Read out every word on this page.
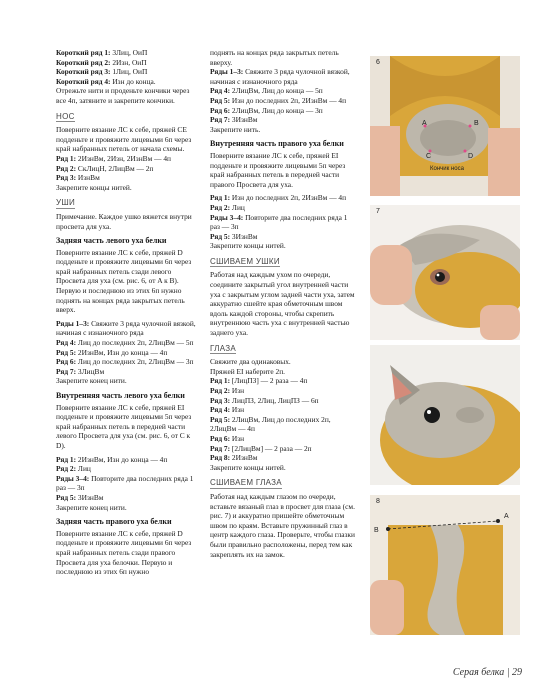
Короткий ряд 1: 3Лиц, ОиП

Короткий ряд 2: 2Изн, ОиП

Короткий ряд 3: 1Лиц, ОиП

Короткий ряд 4: Изн до конца.

Отрежьте нити и проденьте кончики через все 4п, затяните и закрепите кончики.

НОС

Поверните вязание ЛС к себе, пряжей CE подденьте и провяжите лицевыми 6п через край набранных петель от начала схемы.

Ряд 1: 2ИзнВм, 2Изн, 2ИзнВм — 4п

Ряд 2: СкЛицН, 2ЛицВм — 2п

Ряд 3: ИзнВм

Закрепите концы нитей.

УШИ

Примечание. Каждое ушко вяжется внутри просвета для уха.

Задняя часть левого уха белки

Поверните вязание ЛС к себе, пряжей D подденьте и провяжите лицевыми 6п через край набранных петель сзади левого Просвета для уха (см. рис. 6, от A к B). Первую и последнюю из этих 6п нужно поднять на концах ряда закрытых петель вверх.

Ряды 1–3: Свяжите 3 ряда чулочной вязкой, начиная с изнаночного ряда

Ряд 4: Лиц до последних 2п, 2ЛицВм — 5п

Ряд 5: 2ИзнВм, Изн до конца — 4п

Ряд 6: Лиц до последних 2п, 2ЛицВм — 3п

Ряд 7: 3ЛицВм

Закрепите конец нити.

Внутренняя часть левого уха белки

Поверните вязание ЛС к себе, пряжей EI подденьте и провяжите лицевыми 5п через край набранных петель в передней части левого Просвета для уха (см. рис. 6, от C к D).

Ряд 1: 2ИзнВм, Изн до конца — 4п

Ряд 2: Лиц

Ряды 3–4: Повторите два последних ряда 1 раз — 3п

Ряд 5: 3ИзнВм

Закрепите конец нити.

Задняя часть правого уха белки

Поверните вязание ЛС к себе, пряжей D подденьте и провяжите лицевыми 6п через край набранных петель сзади правого Просвета для уха белочки. Первую и последнюю из этих 6п нужно

поднять на концах ряда закрытых петель вверху.

Ряды 1–3: Свяжите 3 ряда чулочной вязкой, начиная с изнаночного ряда

Ряд 4: 2ЛицВм, Лиц до конца — 5п

Ряд 5: Изн до последних 2п, 2ИзнВм — 4п

Ряд 6: 2ЛицВм, Лиц до конца — 3п

Ряд 7: 3ИзнВм

Закрепите нить.

Внутренняя часть правого уха белки

Поверните вязание ЛС к себе, пряжей EI подденьте и провяжите лицевыми 5п через край набранных петель в передней части правого Просвета для уха.

Ряд 1: Изн до последних 2п, 2ИзнВм — 4п

Ряд 2: Лиц

Ряды 3–4: Повторите два последних ряда 1 раз — 3п

Ряд 5: 3ИзнВм

Закрепите концы нитей.

СШИВАЕМ УШКИ

Работая над каждым ухом по очереди, соедините закрытый угол внутренней части уха с закрытым углом задней части уха, затем аккуратно сшейте края обметочным швом вдоль каждой стороны, чтобы скрепить внутреннюю часть уха с внутренней частью заднего уха.

ГЛАЗА

Свяжите два одинаковых.

Пряжей EI наберите 2п.

Ряд 1: [ЛицПЗ] — 2 раза — 4п

Ряд 2: Изн

Ряд 3: ЛицПЗ, 2Лиц, ЛицПЗ — 6п

Ряд 4: Изн

Ряд 5: 2ЛицВм, Лиц до последних 2п, 2ЛицВм — 4п

Ряд 6: Изн

Ряд 7: [2ЛицВм] — 2 раза — 2п

Ряд 8: 2ИзнВм

Закрепите концы нитей.

СШИВАЕМ ГЛАЗА

Работая над каждым глазом по очереди, вставьте вязаный глаз в просвет для глаза (см. рис. 7) и аккуратно пришейте обметочным швом по краям. Вставьте пружинный глаз в центр каждого глаза. Проверьте, чтобы глазки были правильно расположены, перед тем как закреплять их на замок.

6
A	B
C	D
Кончик носа
7
8
B
A
Серая белка | 29
